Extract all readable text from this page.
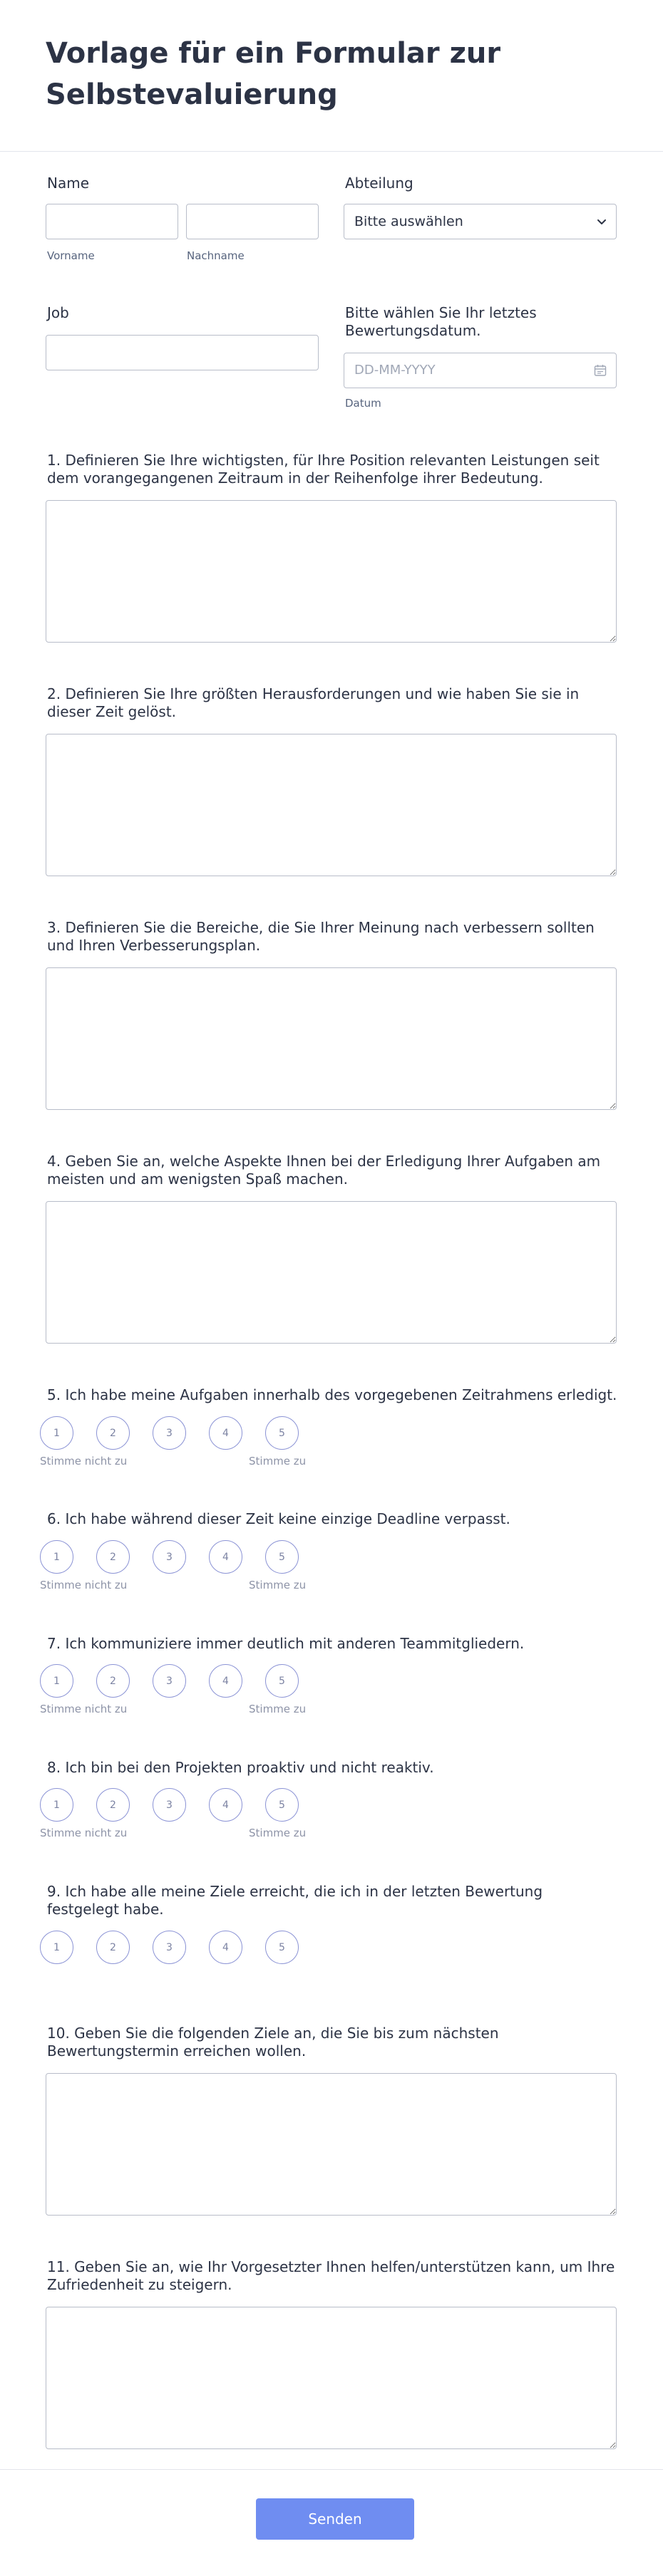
Vorlage für ein Formular zur Selbstevaluierung
Name
Vorname	Nachname
Abteilung
Bitte auswählen
Job	Bitte wählen Sie Ihr letztes Bewertungsdatum.
DD-MM-YYYY
Datum
1. Definieren Sie Ihre wichtigsten, für Ihre Position relevanten Leistungen seit dem vorangegangenen Zeitraum in der Reihenfolge ihrer Bedeutung.
2. Definieren Sie Ihre größten Herausforderungen und wie haben Sie sie in dieser Zeit gelöst.
3. Definieren Sie die Bereiche, die Sie Ihrer Meinung nach verbessern sollten und Ihren Verbesserungsplan.
4. Geben Sie an, welche Aspekte Ihnen bei der Erledigung Ihrer Aufgaben am meisten und am wenigsten Spaß machen.
5. Ich habe meine Aufgaben innerhalb des vorgegebenen Zeitrahmens erledigt.
1	2	3	4	5
Stimme nicht zu	Stimme zu
6. Ich habe während dieser Zeit keine einzige Deadline verpasst.
1	2	3	4	5
Stimme nicht zu	Stimme zu
7. Ich kommuniziere immer deutlich mit anderen Teammitgliedern.
1	2	3	4	5
Stimme nicht zu	Stimme zu
8. Ich bin bei den Projekten proaktiv und nicht reaktiv.
1	2	3	4	5
Stimme nicht zu	Stimme zu
9. Ich habe alle meine Ziele erreicht, die ich in der letzten Bewertung festgelegt habe.
1	2	3	4	5
10. Geben Sie die folgenden Ziele an, die Sie bis zum nächsten Bewertungstermin erreichen wollen.
11. Geben Sie an, wie Ihr Vorgesetzter Ihnen helfen/unterstützen kann, um Ihre Zufriedenheit zu steigern.
Senden
